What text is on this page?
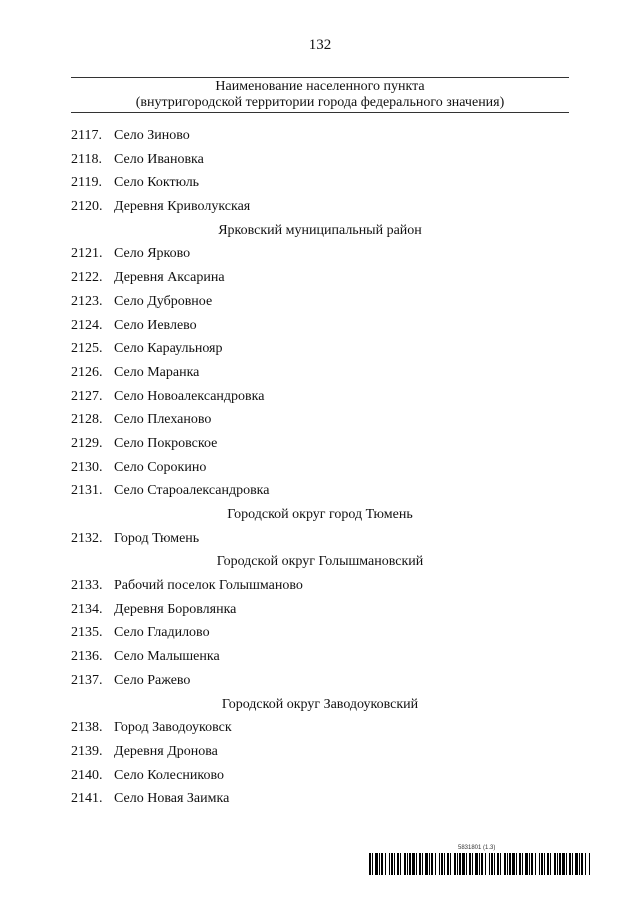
132
Наименование населенного пункта
(внутригородской территории города федерального значения)
2117. Село Зиново
2118. Село Ивановка
2119. Село Коктюль
2120. Деревня Криволукская
Ярковский муниципальный район
2121. Село Ярково
2122. Деревня Аксарина
2123. Село Дубровное
2124. Село Иевлево
2125. Село Караульнояр
2126. Село Маранка
2127. Село Новоалександровка
2128. Село Плеханово
2129. Село Покровское
2130. Село Сорокино
2131. Село Староалександровка
Городской округ город Тюмень
2132. Город Тюмень
Городской округ Голышмановский
2133. Рабочий поселок Голышманово
2134. Деревня Боровлянка
2135. Село Гладилово
2136. Село Малышенка
2137. Село Ражево
Городской округ Заводоуковский
2138. Город Заводоуковск
2139. Деревня Дронова
2140. Село Колесниково
2141. Село Новая Заимка
5831801 (1.3)
